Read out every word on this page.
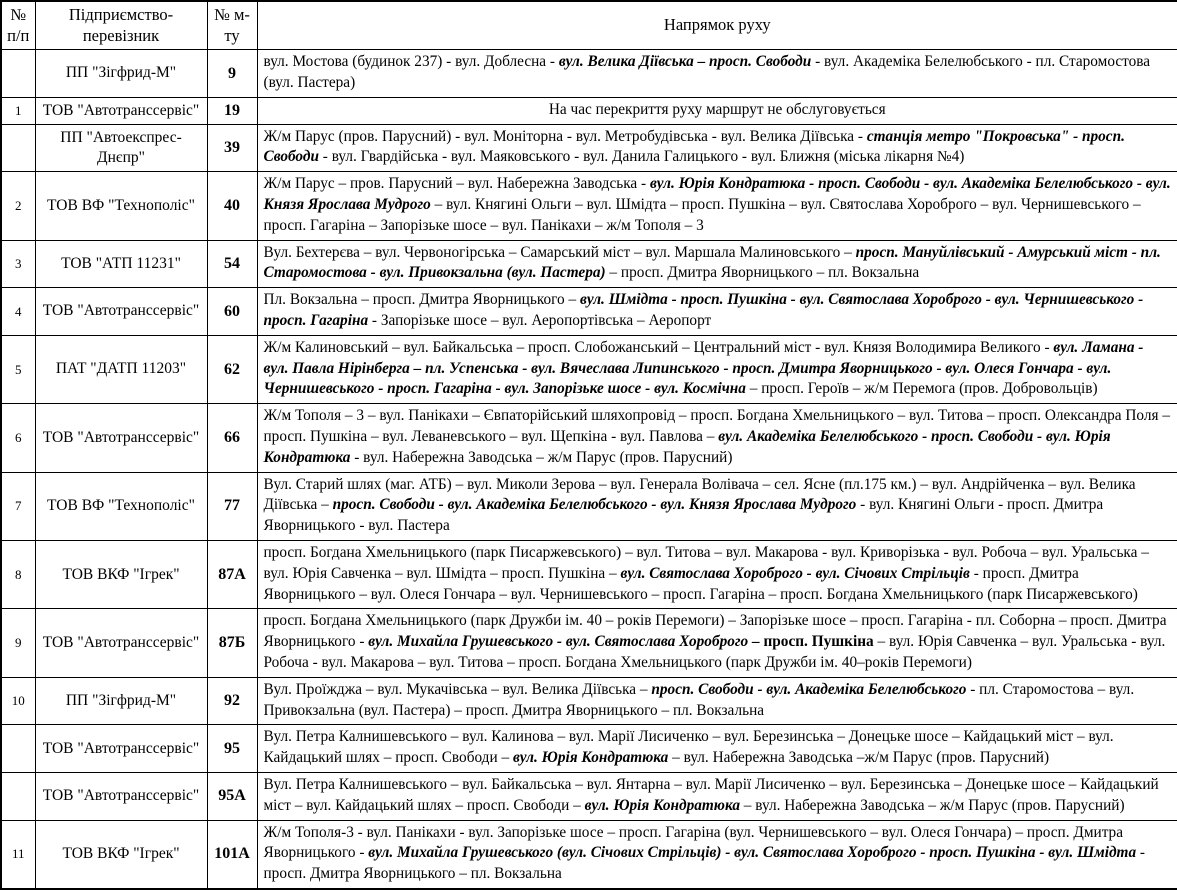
№ п/п	Підприємство-перевізник	№ м-ту	Напрямок руху
	ПП "Зігфрид-М"	9	вул. Мостова (будинок 237) - вул. Доблесна - вул. Велика Діївська – просп. Свободи - вул. Академіка Белелюбського - пл. Старомостова (вул. Пастера)
1	ТОВ "Автотранссервіс"	19	На час перекриття руху маршрут не обслуговується
	ПП "Автоекспрес-Днєпр"	39	Ж/м Парус (пров. Парусний) - вул. Моніторна - вул. Метробудівська - вул. Велика Діївська - станція метро "Покровська" - просп. Свободи - вул. Гвардійська - вул. Маяковського - вул. Данила Галицького - вул. Ближня (міська лікарня №4)
2	ТОВ ВФ "Технополіс"	40	Ж/м Парус – пров. Парусний – вул. Набережна Заводська - вул. Юрія Кондратюка - просп. Свободи - вул. Академіка Белелюбського - вул. Князя Ярослава Мудрого – вул. Княгині Ольги – вул. Шмідта – просп. Пушкіна – вул. Святослава Хороброго – вул. Чернишевського – просп. Гагаріна – Запорізьке шосе – вул. Панікахи – ж/м Тополя – 3
3	ТОВ "АТП 11231"	54	Вул. Бехтерєва – вул. Червоногірська – Самарський міст – вул. Маршала Малиновського – просп. Мануйлівський - Амурський міст - пл. Старомостова - вул. Привокзальна (вул. Пастера) – просп. Дмитра Яворницького – пл. Вокзальна
4	ТОВ "Автотранссервіс"	60	Пл. Вокзальна – просп. Дмитра Яворницького – вул. Шмідта - просп. Пушкіна - вул. Святослава Хороброго - вул. Чернишевського - просп. Гагаріна - Запорізьке шосе – вул. Аеропортівська – Аеропорт
5	ПАТ "ДАТП 11203"	62	Ж/м Калиновський – вул. Байкальська – просп. Слобожанський – Центральний міст - вул. Князя Володимира Великого - вул. Ламана - вул. Павла Нірінберга – пл. Успенська - вул. Вячеслава Липинського - просп. Дмитра Яворницького - вул. Олеся Гончара - вул. Чернишевського - просп. Гагаріна - вул. Запорізьке шосе - вул. Космічна – просп. Героїв – ж/м Перемога (пров. Добровольців)
6	ТОВ "Автотранссервіс"	66	Ж/м Тополя – 3 – вул. Панікахи – Євпаторійський шляхопровід – просп. Богдана Хмельницького – вул. Титова – просп. Олександра Поля – просп. Пушкіна – вул. Леваневського – вул. Щепкіна - вул. Павлова – вул. Академіка Белелюбського - просп. Свободи - вул. Юрія Кондратюка - вул. Набережна Заводська – ж/м Парус (пров. Парусний)
7	ТОВ ВФ "Технополіс"	77	Вул. Старий шлях (маг. АТБ) – вул. Миколи Зерова – вул. Генерала Волівача – сел. Ясне (пл.175 км.) – вул. Андрійченка – вул. Велика Діївська – просп. Свободи - вул. Академіка Белелюбського - вул. Князя Ярослава Мудрого - вул. Княгині Ольги - просп. Дмитра Яворницького - вул. Пастера
8	ТОВ ВКФ "Ігрек"	87А	просп. Богдана Хмельницького (парк Писаржевського) – вул. Титова – вул. Макарова - вул. Криворізька - вул. Робоча – вул. Уральська – вул. Юрія Савченка – вул. Шмідта – просп. Пушкіна – вул. Святослава Хороброго - вул. Січових Стрільців - просп. Дмитра Яворницького – вул. Олеся Гончара – вул. Чернишевського – просп. Гагаріна – просп. Богдана Хмельницького (парк Писаржевського)
9	ТОВ "Автотранссервіс"	87Б	просп. Богдана Хмельницького (парк Дружби ім. 40 – років Перемоги) – Запорізьке шосе – просп. Гагаріна - пл. Соборна – просп. Дмитра Яворницького - вул. Михайла Грушевського - вул. Святослава Хороброго – просп. Пушкіна – вул. Юрія Савченка – вул. Уральська - вул. Робоча - вул. Макарова – вул. Титова – просп. Богдана Хмельницького (парк Дружби ім. 40–років Перемоги)
10	ПП "Зігфрид-М"	92	Вул. Проїжджа – вул. Мукачівська – вул. Велика Діївська – просп. Свободи - вул. Академіка Белелюбського - пл. Старомостова – вул. Привокзальна (вул. Пастера) – просп. Дмитра Яворницького – пл. Вокзальна
	ТОВ "Автотранссервіс"	95	Вул. Петра Калнишевського – вул. Калинова – вул. Марії Лисиченко – вул. Березинська – Донецьке шосе – Кайдацький міст – вул. Кайдацький шлях – просп. Свободи – вул. Юрія Кондратюка – вул. Набережна Заводська –ж/м Парус (пров. Парусний)
	ТОВ "Автотранссервіс"	95А	Вул. Петра Калнишевського – вул. Байкальська – вул. Янтарна – вул. Марії Лисиченко – вул. Березинська – Донецьке шосе – Кайдацький міст – вул. Кайдацький шлях – просп. Свободи – вул. Юрія Кондратюка – вул. Набережна Заводська – ж/м Парус (пров. Парусний)
11	ТОВ ВКФ "Ігрек"	101А	Ж/м Тополя-3 - вул. Панікахи - вул. Запорізьке шосе – просп. Гагаріна (вул. Чернишевського – вул. Олеся Гончара) – просп. Дмитра Яворницького - вул. Михайла Грушевського (вул. Січових Стрільців) - вул. Святослава Хороброго - просп. Пушкіна - вул. Шмідта - просп. Дмитра Яворницького – пл. Вокзальна
